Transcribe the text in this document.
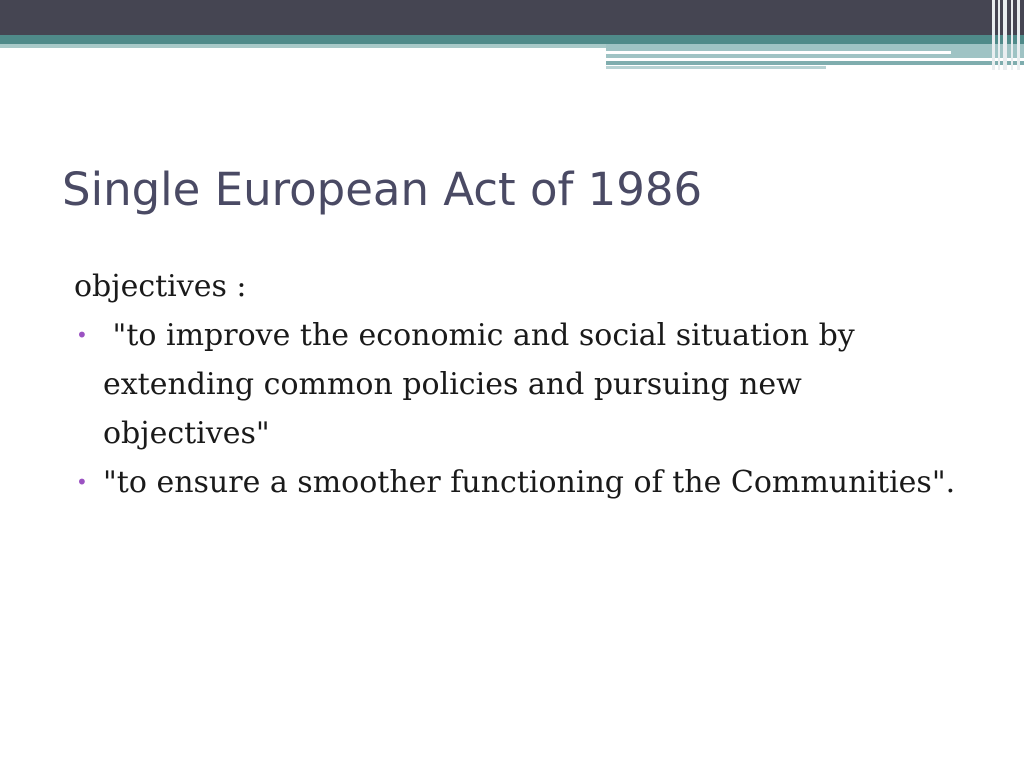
Single European Act of 1986

objectives :

• "to improve the economic and social situation by extending common policies and pursuing new objectives"
• "to ensure a smoother functioning of the Communities".
